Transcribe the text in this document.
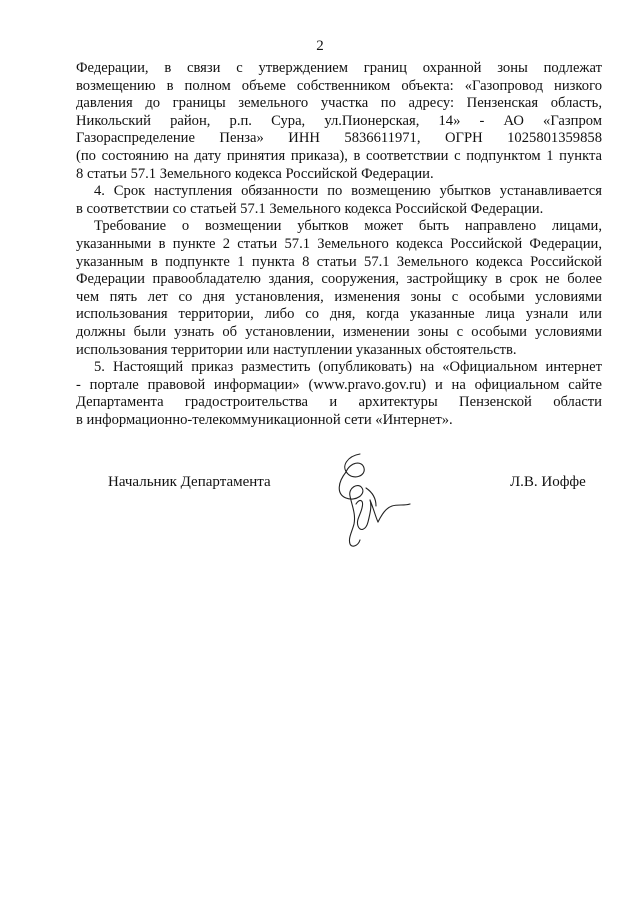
2
Федерации, в связи с утверждением границ охранной зоны подлежат
возмещению в полном объеме собственником объекта: «Газопровод низкого
давления до границы земельного участка по адресу: Пензенская область,
Никольский район, р.п. Сура, ул.Пионерская, 14» - АО «Газпром
Газораспределение Пенза» ИНН 5836611971, ОГРН 1025801359858
(по состоянию на дату принятия приказа), в соответствии с подпунктом 1 пункта
8 статьи 57.1 Земельного кодекса Российской Федерации.
4. Срок наступления обязанности по возмещению убытков устанавливается
в соответствии со статьей 57.1 Земельного кодекса Российской Федерации.
Требование о возмещении убытков может быть направлено лицами,
указанными в пункте 2 статьи 57.1 Земельного кодекса Российской Федерации,
указанным в подпункте 1 пункта 8 статьи 57.1 Земельного кодекса Российской
Федерации правообладателю здания, сооружения, застройщику в срок не более
чем пять лет со дня установления, изменения зоны с особыми условиями
использования территории, либо со дня, когда указанные лица узнали или
должны были узнать об установлении, изменении зоны с особыми условиями
использования территории или наступлении указанных обстоятельств.
5. Настоящий приказ разместить (опубликовать) на «Официальном интернет
- портале правовой информации» (www.pravo.gov.ru) и на официальном сайте
Департамента градостроительства и архитектуры Пензенской области
в информационно-телекоммуникационной сети «Интернет».
Начальник Департамента	Л.В. Иоффе
